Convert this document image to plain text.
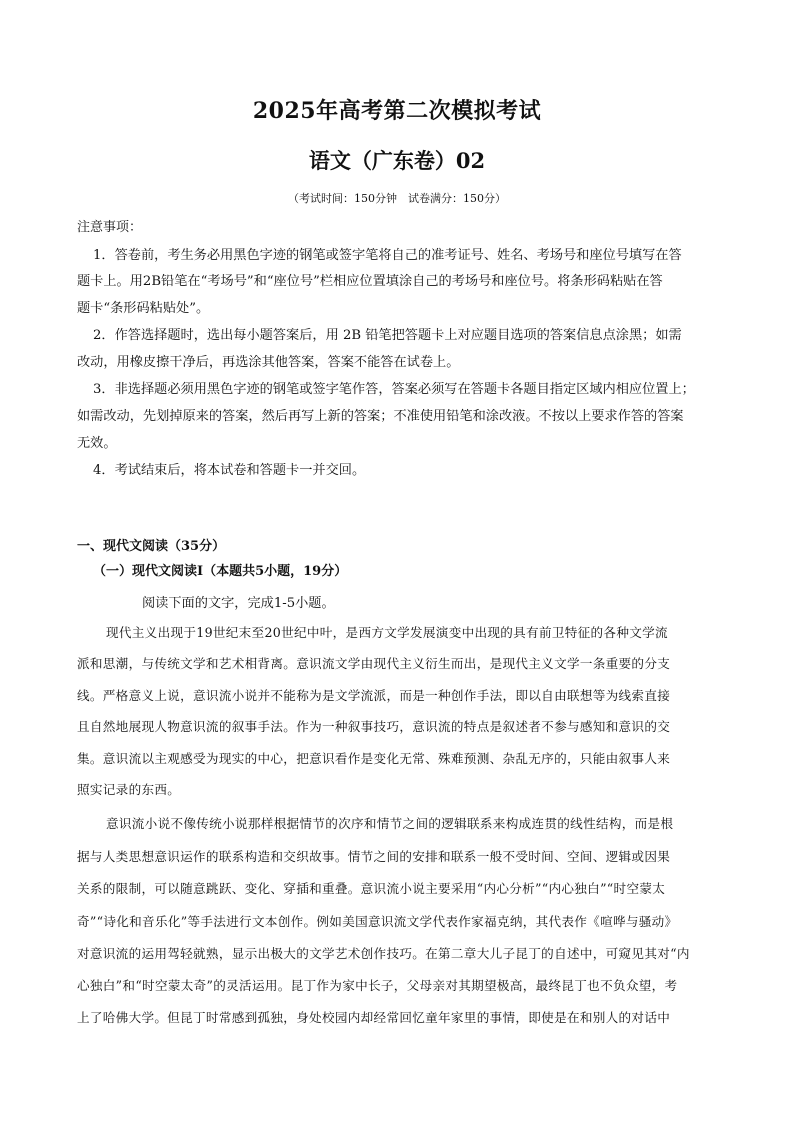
2025年高考第二次模拟考试
语文（广东卷）02
（考试时间：150分钟　试卷满分：150分）
注意事项：
1．答卷前，考生务必用黑色字迹的钢笔或签字笔将自己的准考证号、姓名、考场号和座位号填写在答
题卡上。用2B铅笔在“考场号”和“座位号”栏相应位置填涂自己的考场号和座位号。将条形码粘贴在答
题卡“条形码粘贴处”。
2．作答选择题时，选出每小题答案后，用 2B 铅笔把答题卡上对应题目选项的答案信息点涂黑；如需
改动，用橡皮擦干净后，再选涂其他答案，答案不能答在试卷上。
3．非选择题必须用黑色字迹的钢笔或签字笔作答，答案必须写在答题卡各题目指定区域内相应位置上；
如需改动，先划掉原来的答案，然后再写上新的答案；不准使用铅笔和涂改液。不按以上要求作答的答案
无效。
4．考试结束后，将本试卷和答题卡一并交回。
一、现代文阅读（35分）
（一）现代文阅读Ⅰ（本题共5小题，19分）
阅读下面的文字，完成1-5小题。
现代主义出现于19世纪末至20世纪中叶，是西方文学发展演变中出现的具有前卫特征的各种文学流
派和思潮，与传统文学和艺术相背离。意识流文学由现代主义衍生而出，是现代主义文学一条重要的分支
线。严格意义上说，意识流小说并不能称为是文学流派，而是一种创作手法，即以自由联想等为线索直接
且自然地展现人物意识流的叙事手法。作为一种叙事技巧，意识流的特点是叙述者不参与感知和意识的交
集。意识流以主观感受为现实的中心，把意识看作是变化无常、殊难预测、杂乱无序的，只能由叙事人来
照实记录的东西。
意识流小说不像传统小说那样根据情节的次序和情节之间的逻辑联系来构成连贯的线性结构，而是根
据与人类思想意识运作的联系构造和交织故事。情节之间的安排和联系一般不受时间、空间、逻辑或因果
关系的限制，可以随意跳跃、变化、穿插和重叠。意识流小说主要采用“内心分析”“内心独白”“时空蒙太
奇”“诗化和音乐化”等手法进行文本创作。例如美国意识流文学代表作家福克纳，其代表作《喧哗与骚动》
对意识流的运用驾轻就熟，显示出极大的文学艺术创作技巧。在第二章大儿子昆丁的自述中，可窥见其对“内
心独白”和“时空蒙太奇”的灵活运用。昆丁作为家中长子，父母亲对其期望极高，最终昆丁也不负众望，考
上了哈佛大学。但昆丁时常感到孤独，身处校园内却经常回忆童年家里的事情，即使是在和别人的对话中
